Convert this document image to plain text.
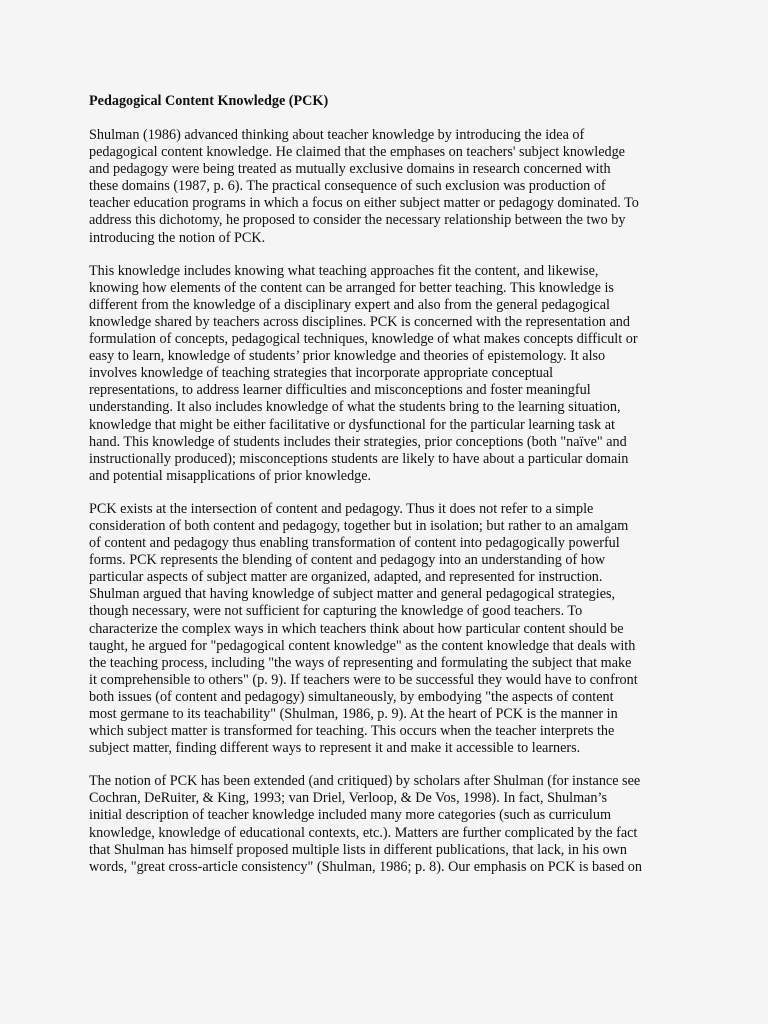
Pedagogical Content Knowledge (PCK)
Shulman (1986) advanced thinking about teacher knowledge by introducing the idea of
pedagogical content knowledge. He claimed that the emphases on teachers' subject knowledge
and pedagogy were being treated as mutually exclusive domains in research concerned with
these domains (1987, p. 6). The practical consequence of such exclusion was production of
teacher education programs in which a focus on either subject matter or pedagogy dominated. To
address this dichotomy, he proposed to consider the necessary relationship between the two by
introducing the notion of PCK.
This knowledge includes knowing what teaching approaches fit the content, and likewise,
knowing how elements of the content can be arranged for better teaching. This knowledge is
different from the knowledge of a disciplinary expert and also from the general pedagogical
knowledge shared by teachers across disciplines. PCK is concerned with the representation and
formulation of concepts, pedagogical techniques, knowledge of what makes concepts difficult or
easy to learn, knowledge of students’ prior knowledge and theories of epistemology. It also
involves knowledge of teaching strategies that incorporate appropriate conceptual
representations, to address learner difficulties and misconceptions and foster meaningful
understanding. It also includes knowledge of what the students bring to the learning situation,
knowledge that might be either facilitative or dysfunctional for the particular learning task at
hand. This knowledge of students includes their strategies, prior conceptions (both "naïve" and
instructionally produced); misconceptions students are likely to have about a particular domain
and potential misapplications of prior knowledge.
PCK exists at the intersection of content and pedagogy. Thus it does not refer to a simple
consideration of both content and pedagogy, together but in isolation; but rather to an amalgam
of content and pedagogy thus enabling transformation of content into pedagogically powerful
forms. PCK represents the blending of content and pedagogy into an understanding of how
particular aspects of subject matter are organized, adapted, and represented for instruction.
Shulman argued that having knowledge of subject matter and general pedagogical strategies,
though necessary, were not sufficient for capturing the knowledge of good teachers. To
characterize the complex ways in which teachers think about how particular content should be
taught, he argued for "pedagogical content knowledge" as the content knowledge that deals with
the teaching process, including "the ways of representing and formulating the subject that make
it comprehensible to others" (p. 9). If teachers were to be successful they would have to confront
both issues (of content and pedagogy) simultaneously, by embodying "the aspects of content
most germane to its teachability" (Shulman, 1986, p. 9). At the heart of PCK is the manner in
which subject matter is transformed for teaching. This occurs when the teacher interprets the
subject matter, finding different ways to represent it and make it accessible to learners.
The notion of PCK has been extended (and critiqued) by scholars after Shulman (for instance see
Cochran, DeRuiter, & King, 1993; van Driel, Verloop, & De Vos, 1998). In fact, Shulman’s
initial description of teacher knowledge included many more categories (such as curriculum
knowledge, knowledge of educational contexts, etc.). Matters are further complicated by the fact
that Shulman has himself proposed multiple lists in different publications, that lack, in his own
words, "great cross-article consistency" (Shulman, 1986; p. 8). Our emphasis on PCK is based on
